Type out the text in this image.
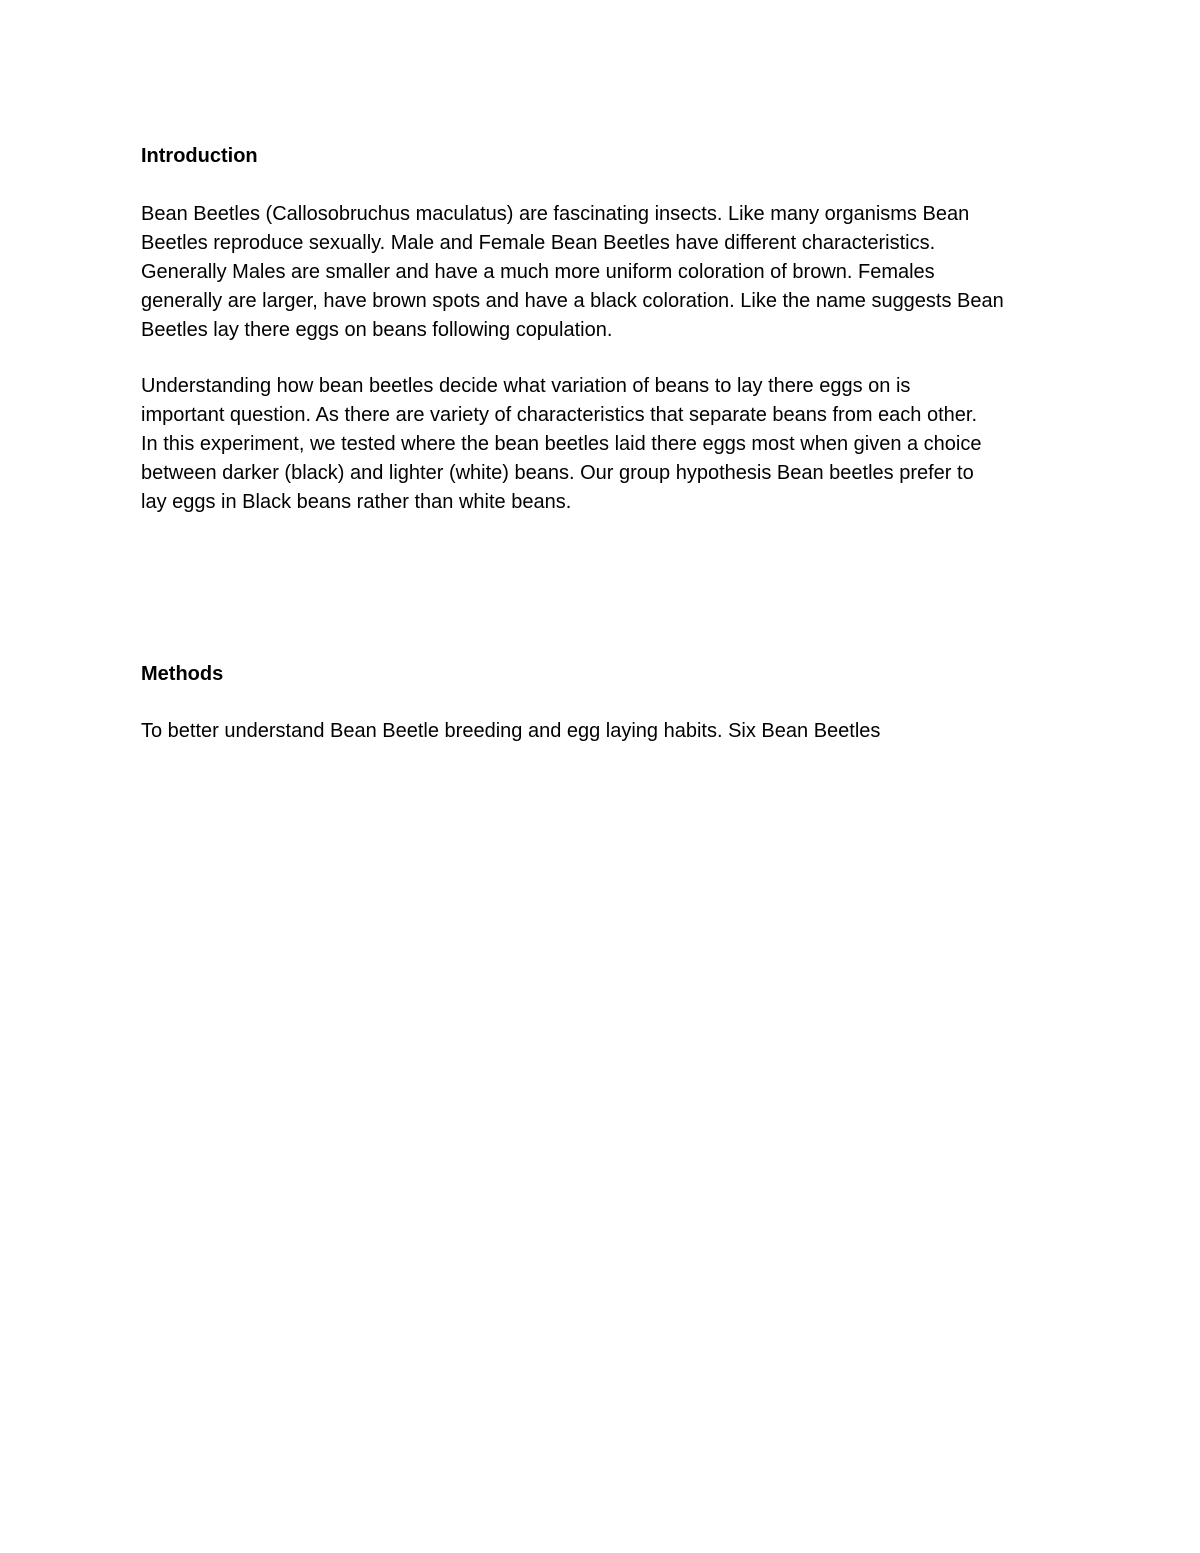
Introduction

Bean Beetles (Callosobruchus maculatus) are fascinating insects. Like many organisms Bean
Beetles reproduce sexually. Male and Female Bean Beetles have different characteristics.
Generally Males are smaller and have a much more uniform coloration of brown. Females
generally are larger, have brown spots and have a black coloration. Like the name suggests Bean
Beetles lay there eggs on beans following copulation.

Understanding how bean beetles decide what variation of beans to lay there eggs on is
important question. As there are variety of characteristics that separate beans from each other.
In this experiment, we tested where the bean beetles laid there eggs most when given a choice
between darker (black) and lighter (white) beans. Our group hypothesis Bean beetles prefer to
lay eggs in Black beans rather than white beans.

Methods

To better understand Bean Beetle breeding and egg laying habits. Six Bean Beetles
